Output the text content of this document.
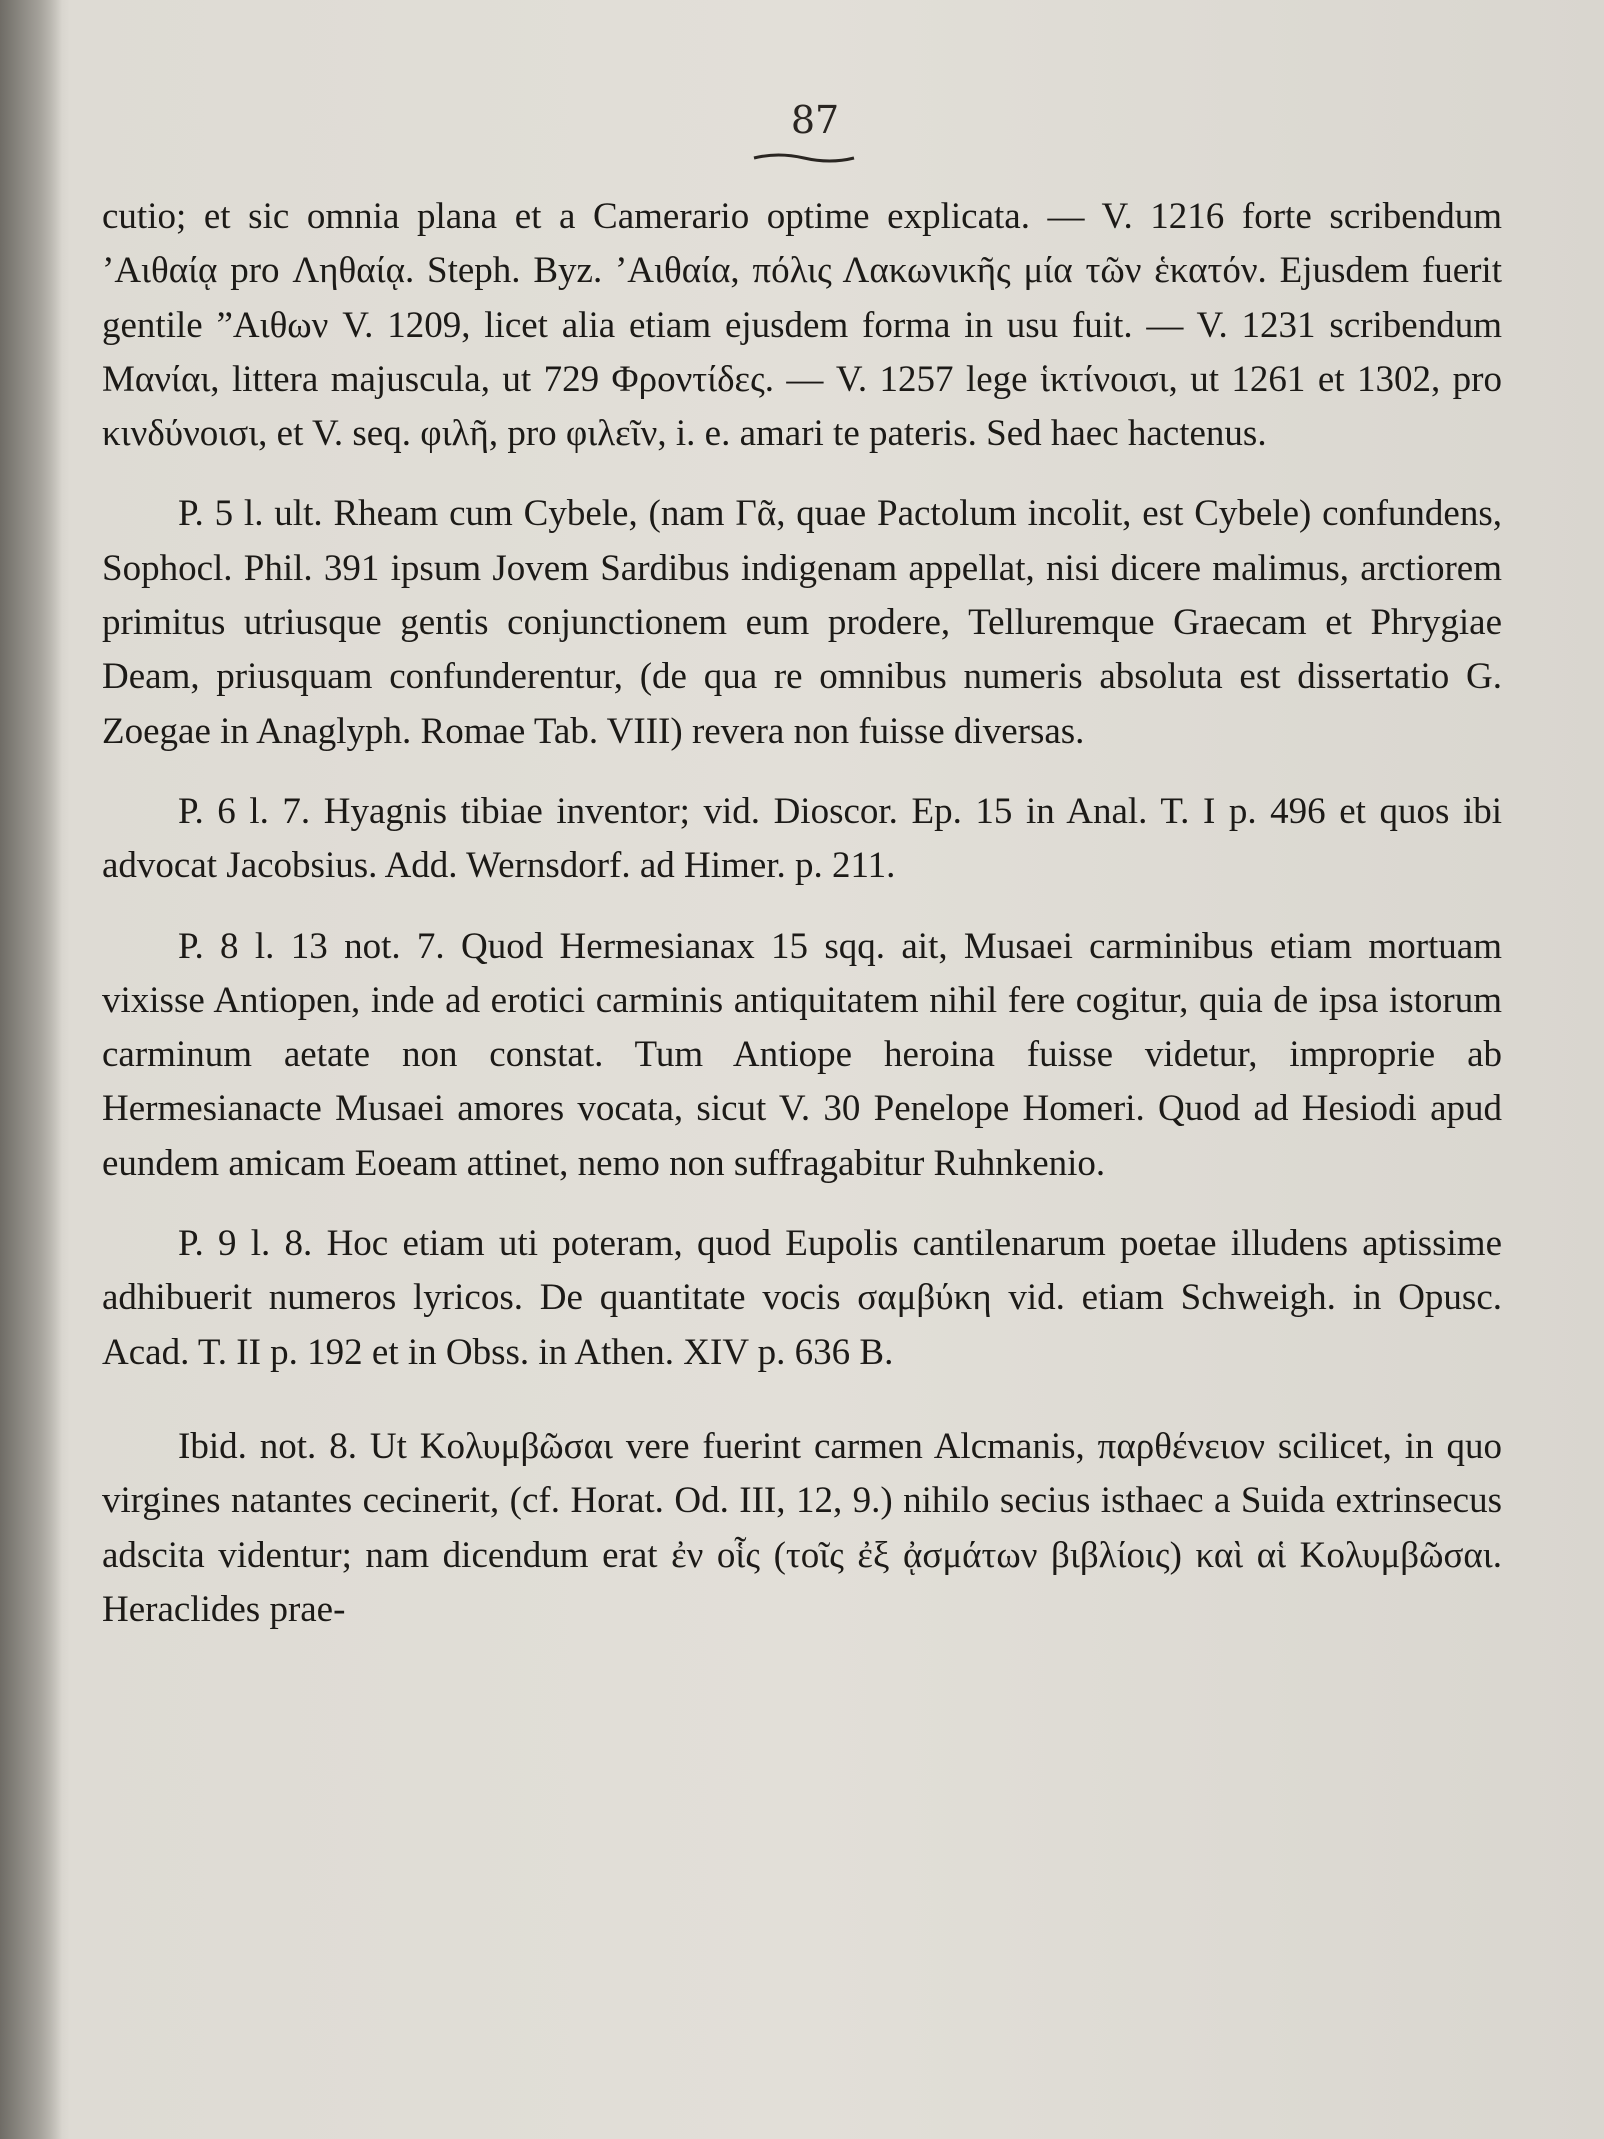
87

cutio; et sic omnia plana et a Camerario optime explicata. — V. 1216 forte scribendum ’Αιθαίᾳ pro Ληθαίᾳ. Steph. Byz. ’Αιθαία, πόλις Λακωνικῆς μία τῶν ἑκατόν. Ejusdem fuerit gentile ”Αιθων V. 1209, licet alia etiam ejusdem forma in usu fuit. — V. 1231 scribendum Μανίαι, littera majuscula, ut 729 Φροντίδες. — V. 1257 lege ἱκτίνοισι, ut 1261 et 1302, pro κινδύνοισι, et V. seq. φιλῆ, pro φιλεῖν, i. e. amari te pateris. Sed haec hactenus.

P. 5 l. ult. Rheam cum Cybele, (nam Γᾶ, quae Pactolum incolit, est Cybele) confundens, Sophocl. Phil. 391 ipsum Jovem Sardibus indigenam appellat, nisi dicere malimus, arctiorem primitus utriusque gentis conjunctionem eum prodere, Telluremque Graecam et Phrygiae Deam, priusquam confunderentur, (de qua re omnibus numeris absoluta est dissertatio G. Zoegae in Anaglyph. Romae Tab. VIII) revera non fuisse diversas.

P. 6 l. 7. Hyagnis tibiae inventor; vid. Dioscor. Ep. 15 in Anal. T. I p. 496 et quos ibi advocat Jacobsius. Add. Wernsdorf. ad Himer. p. 211.

P. 8 l. 13 not. 7. Quod Hermesianax 15 sqq. ait, Musaei carminibus etiam mortuam vixisse Antiopen, inde ad erotici carminis antiquitatem nihil fere cogitur, quia de ipsa istorum carminum aetate non constat. Tum Antiope heroina fuisse videtur, improprie ab Hermesianacte Musaei amores vocata, sicut V. 30 Penelope Homeri. Quod ad Hesiodi apud eundem amicam Eoeam attinet, nemo non suffragabitur Ruhnkenio.

P. 9 l. 8. Hoc etiam uti poteram, quod Eupolis cantilenarum poetae illudens aptissime adhibuerit numeros lyricos. De quantitate vocis σαμβύκη vid. etiam Schweigh. in Opusc. Acad. T. II p. 192 et in Obss. in Athen. XIV p. 636 B.

Ibid. not. 8. Ut Κολυμβῶσαι vere fuerint carmen Alcmanis, παρθένειον scilicet, in quo virgines natantes cecinerit, (cf. Horat. Od. III, 12, 9.) nihilo secius isthaec a Suida extrinsecus adscita videntur; nam dicendum erat ἐν οἷς (τοῖς ἐξ ᾀσμάτων βιβλίοις) καὶ αἱ Κολυμβῶσαι. Heraclides prae-
